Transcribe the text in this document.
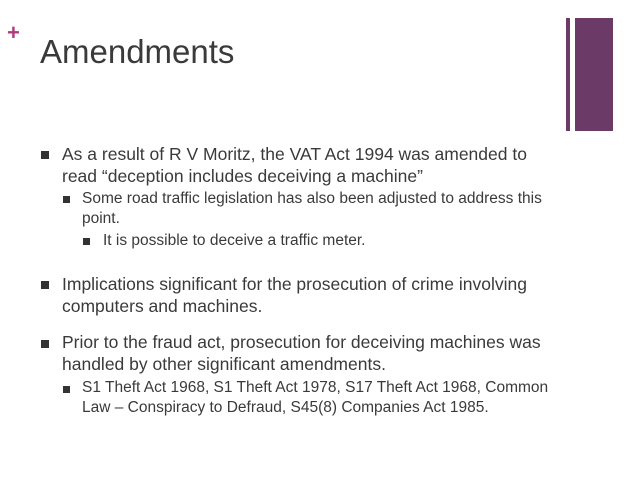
+
Amendments
As a result of R V Moritz, the VAT Act 1994 was amended to read “deception includes deceiving a machine”
Some road traffic legislation has also been adjusted to address this point.
It is possible to deceive a traffic meter.
Implications significant for the prosecution of crime involving computers and machines.
Prior to the fraud act, prosecution for deceiving machines was handled by other significant amendments.
S1 Theft Act 1968, S1 Theft Act 1978, S17 Theft Act 1968, Common Law – Conspiracy to Defraud, S45(8) Companies Act 1985.
